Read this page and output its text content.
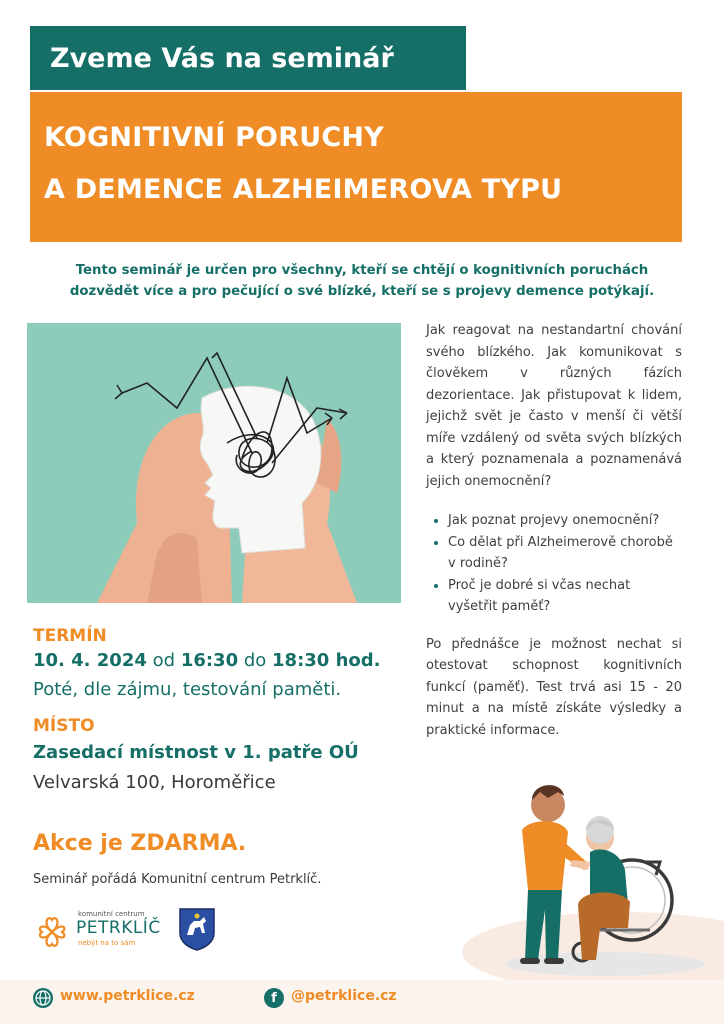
Zveme Vás na seminář
KOGNITIVNÍ PORUCHY
A DEMENCE ALZHEIMEROVA TYPU
Tento seminář je určen pro všechny, kteří se chtějí o kognitivních poruchách
dozvědět více a pro pečující o své blízké, kteří se s projevy demence potýkají.

Jak reagovat na nestandartní chování svého blízkého. Jak komunikovat s člověkem v různých fázích dezorientace. Jak přistupovat k lidem, jejichž svět je často v menší či větší míře vzdálený od světa svých blízkých a který poznamenala a poznamenává jejich onemocnění?

• Jak poznat projevy onemocnění?
• Co dělat při Alzheimerově chorobě v rodině?
• Proč je dobré si včas nechat vyšetřit paměť?

Po přednášce je možnost nechat si otestovat schopnost kognitivních funkcí (paměť). Test trvá asi 15 - 20 minut a na místě získáte výsledky a praktické informace.

TERMÍN
10. 4. 2024 od 16:30 do 18:30 hod.
Poté, dle zájmu, testování paměti.
MÍSTO
Zasedací místnost v 1. patře OÚ
Velvarská 100, Horoměřice
Akce je ZDARMA.
Seminář pořádá Komunitní centrum Petrklíč.
komunitní centrum
PETRKLÍČ
nebýt na to sám
www.petrklice.cz	f	@petrklice.cz
